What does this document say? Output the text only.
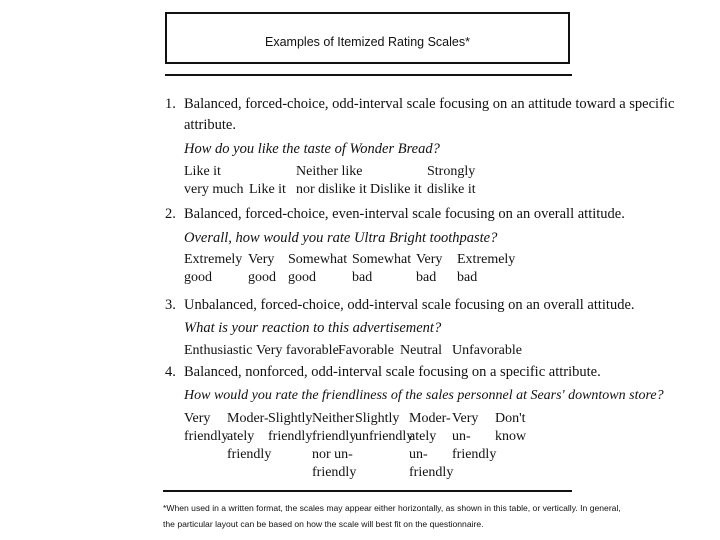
Examples of Itemized Rating Scales*
1. Balanced, forced-choice, odd-interval scale focusing on an attitude toward a specific
attribute.
How do you like the taste of Wonder Bread?
Like it
very much
Like it
Neither like
nor dislike it
Dislike it
Strongly
dislike it
2. Balanced, forced-choice, even-interval scale focusing on an overall attitude.
Overall, how would you rate Ultra Bright toothpaste?
Extremely
good
Very
good
Somewhat
good
Somewhat
bad
Very
bad
Extremely
bad
3. Unbalanced, forced-choice, odd-interval scale focusing on an overall attitude.
What is your reaction to this advertisement?
Enthusiastic Very favorable Favorable Neutral Unfavorable
4. Balanced, nonforced, odd-interval scale focusing on a specific attribute.
How would you rate the friendliness of the sales personnel at Sears' downtown store?
Very
friendly
Moder-
ately
friendly
Slightly
friendly
Neither
friendly
nor un-
friendly
Slightly
unfriendly
Moder-
ately
un-
friendly
Very
un-
friendly
Don't
know
*When used in a written format, the scales may appear either horizontally, as shown in this table, or vertically. In general,
the particular layout can be based on how the scale will best fit on the questionnaire.
